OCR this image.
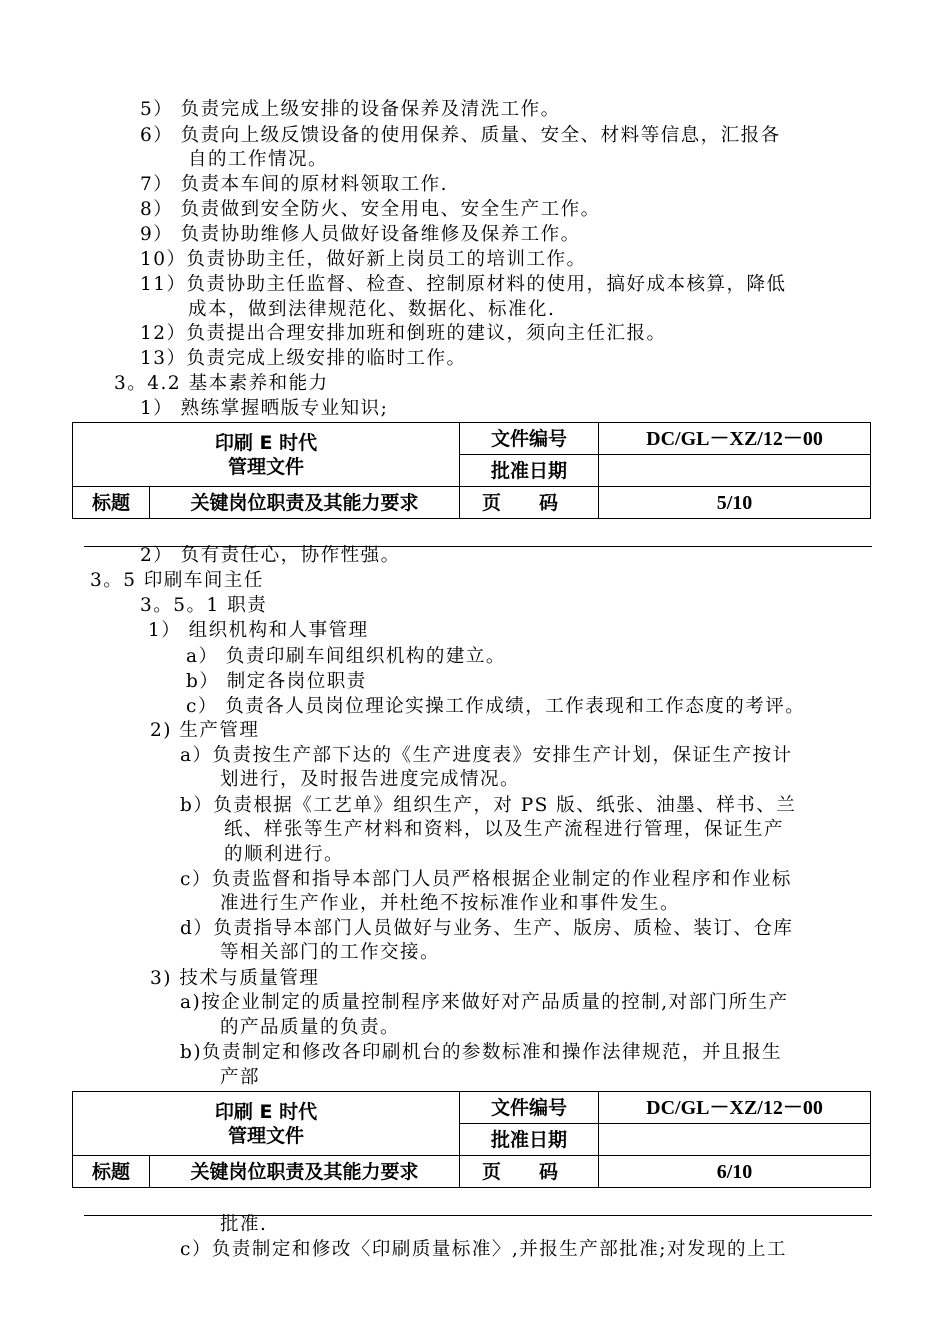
5） 负责完成上级安排的设备保养及清洗工作。
6） 负责向上级反馈设备的使用保养、质量、安全、材料等信息，汇报各
自的工作情况。
7） 负责本车间的原材料领取工作.
8） 负责做到安全防火、安全用电、安全生产工作。
9） 负责协助维修人员做好设备维修及保养工作。
10）负责协助主任，做好新上岗员工的培训工作。
11）负责协助主任监督、检查、控制原材料的使用，搞好成本核算，降低
成本，做到法律规范化、数据化、标准化.
12）负责提出合理安排加班和倒班的建议，须向主任汇报。
13）负责完成上级安排的临时工作。
3。4.2 基本素养和能力
1） 熟练掌握晒版专业知识;
印刷 E 时代
管理文件		文件编号	DC/GL－XZ/12－00
		批准日期	
标题	关键岗位职责及其能力要求	页　　码	5/10
2） 负有责任心，协作性强。
3。5 印刷车间主任
3。5。1 职责
1） 组织机构和人事管理
a） 负责印刷车间组织机构的建立。
b） 制定各岗位职责
c） 负责各人员岗位理论实操工作成绩，工作表现和工作态度的考评。
2) 生产管理
a）负责按生产部下达的《生产进度表》安排生产计划，保证生产按计
划进行，及时报告进度完成情况。
b）负责根据《工艺单》组织生产，对 PS 版、纸张、油墨、样书、兰
纸、样张等生产材料和资料，以及生产流程进行管理，保证生产
的顺利进行。
c）负责监督和指导本部门人员严格根据企业制定的作业程序和作业标
准进行生产作业，并杜绝不按标准作业和事件发生。
d）负责指导本部门人员做好与业务、生产、版房、质检、装订、仓库
等相关部门的工作交接。
3) 技术与质量管理
a)按企业制定的质量控制程序来做好对产品质量的控制,对部门所生产
的产品质量的负责。
b)负责制定和修改各印刷机台的参数标准和操作法律规范，并且报生
产部
印刷 E 时代
管理文件		文件编号	DC/GL－XZ/12－00
		批准日期	
标题	关键岗位职责及其能力要求	页　　码	6/10
批准.
c）负责制定和修改〈印刷质量标准〉,并报生产部批准;对发现的上工
